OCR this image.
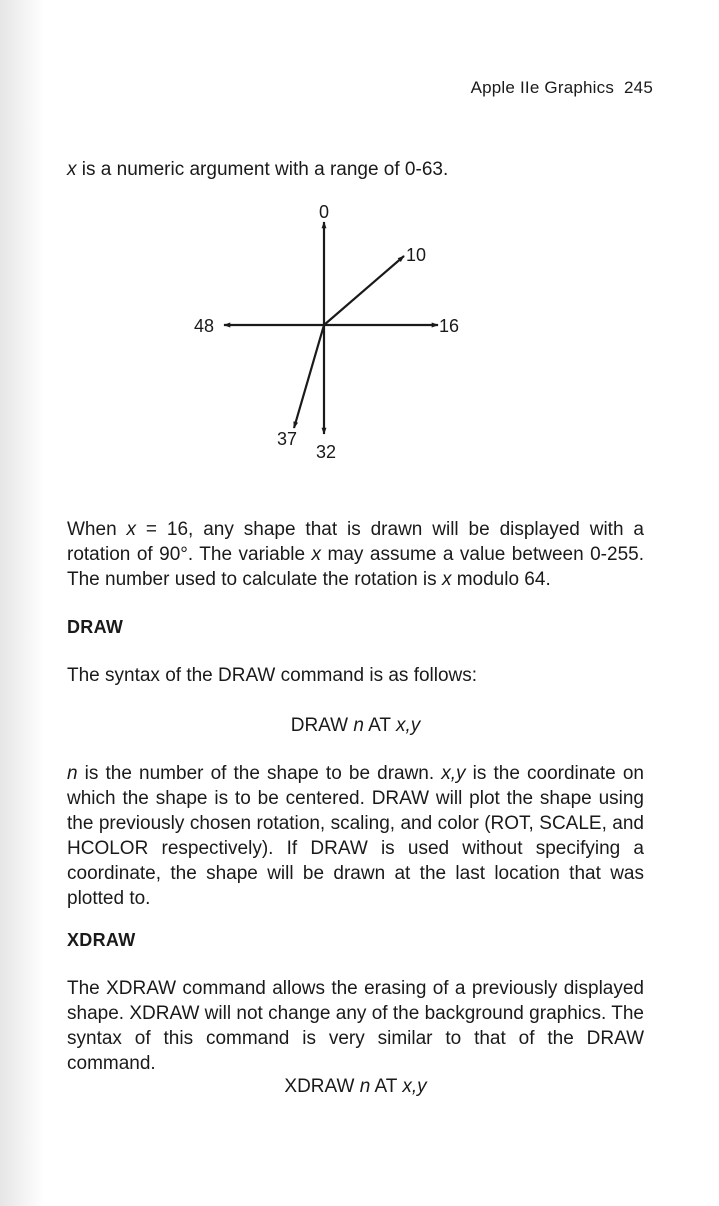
Apple IIe Graphics 245

x is a numeric argument with a range of 0-63.

0
10
16
48
37
32

When x = 16, any shape that is drawn will be displayed with a rotation of 90°. The variable x may assume a value between 0-255. The number used to calculate the rotation is x modulo 64.

DRAW

The syntax of the DRAW command is as follows:

DRAW n AT x,y

n is the number of the shape to be drawn. x,y is the coordinate on which the shape is to be centered. DRAW will plot the shape using the previously chosen rotation, scaling, and color (ROT, SCALE, and HCOLOR respectively). If DRAW is used without specifying a coordinate, the shape will be drawn at the last location that was plotted to.

XDRAW

The XDRAW command allows the erasing of a previously displayed shape. XDRAW will not change any of the background graphics. The syntax of this command is very similar to that of the DRAW command.

XDRAW n AT x,y
